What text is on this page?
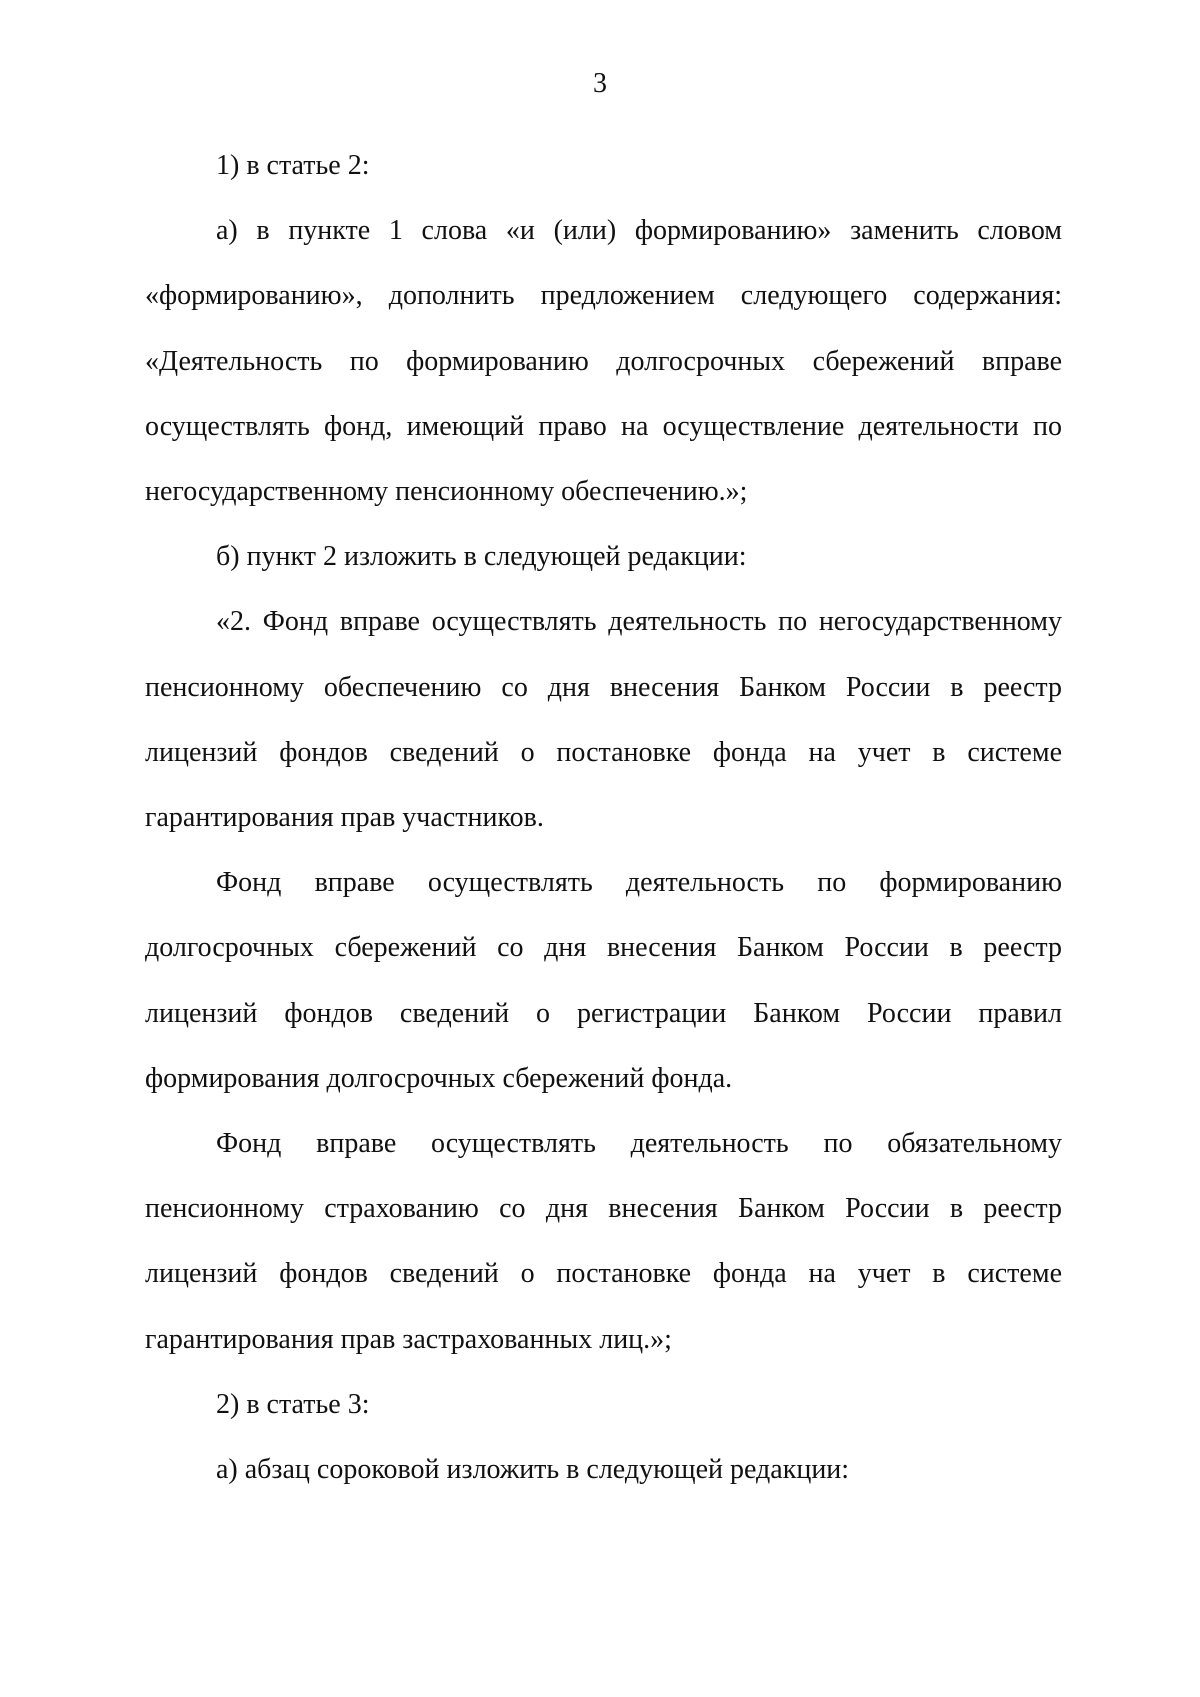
3

1) в статье 2:

а) в пункте 1 слова «и (или) формированию» заменить словом «формированию», дополнить предложением следующего содержания: «Деятельность по формированию долгосрочных сбережений вправе осуществлять фонд, имеющий право на осуществление деятельности по негосударственному пенсионному обеспечению.»;

б) пункт 2 изложить в следующей редакции:

«2. Фонд вправе осуществлять деятельность по негосударственному пенсионному обеспечению со дня внесения Банком России в реестр лицензий фондов сведений о постановке фонда на учет в системе гарантирования прав участников.

Фонд вправе осуществлять деятельность по формированию долгосрочных сбережений со дня внесения Банком России в реестр лицензий фондов сведений о регистрации Банком России правил формирования долгосрочных сбережений фонда.

Фонд вправе осуществлять деятельность по обязательному пенсионному страхованию со дня внесения Банком России в реестр лицензий фондов сведений о постановке фонда на учет в системе гарантирования прав застрахованных лиц.»;

2) в статье 3:

а) абзац сороковой изложить в следующей редакции:
